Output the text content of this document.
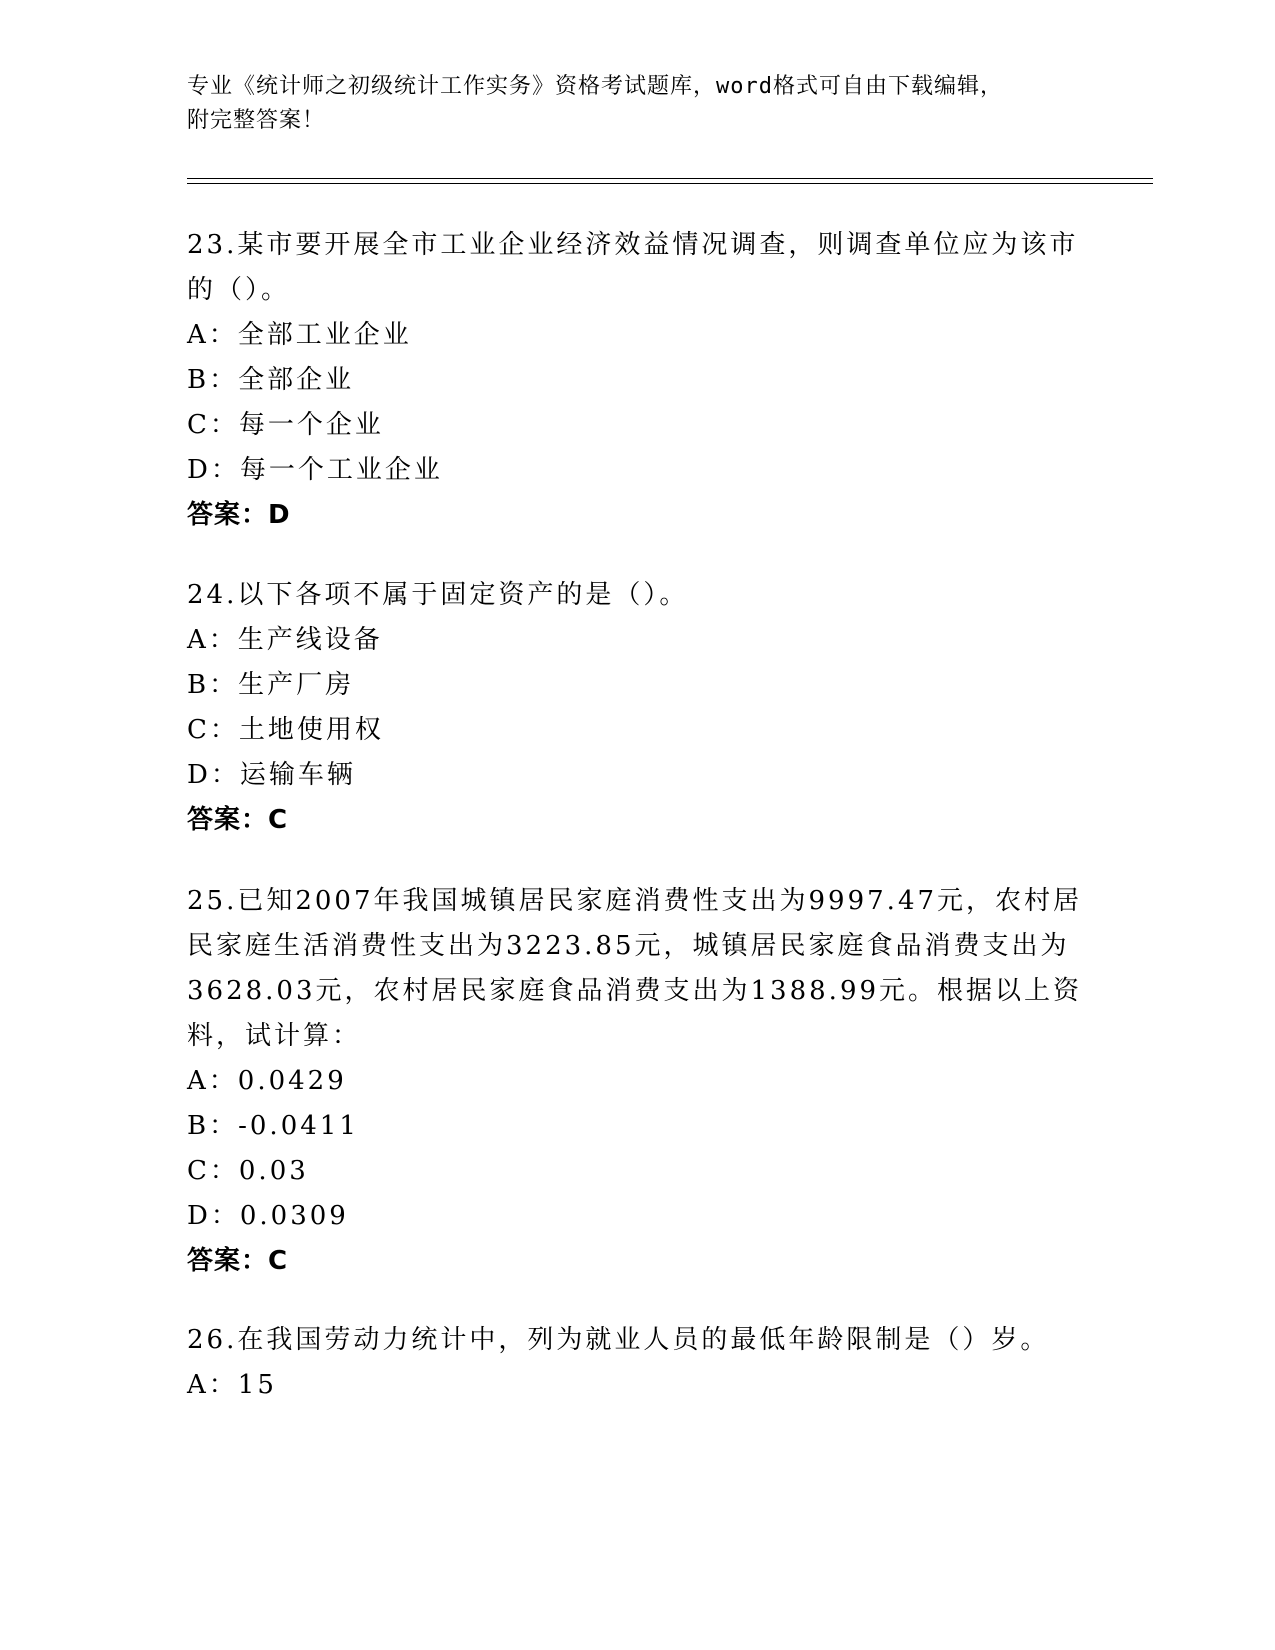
专业《统计师之初级统计工作实务》资格考试题库，word格式可自由下载编辑，
附完整答案！
23.某市要开展全市工业企业经济效益情况调查，则调查单位应为该市
的（）。
A：全部工业企业
B：全部企业
C：每一个企业
D：每一个工业企业
答案：D
24.以下各项不属于固定资产的是（）。
A：生产线设备
B：生产厂房
C：土地使用权
D：运输车辆
答案：C
25.已知2007年我国城镇居民家庭消费性支出为9997.47元，农村居
民家庭生活消费性支出为3223.85元，城镇居民家庭食品消费支出为
3628.03元，农村居民家庭食品消费支出为1388.99元。根据以上资
料，试计算：
A：0.0429
B：-0.0411
C：0.03
D：0.0309
答案：C
26.在我国劳动力统计中，列为就业人员的最低年龄限制是（）岁。
A：15
